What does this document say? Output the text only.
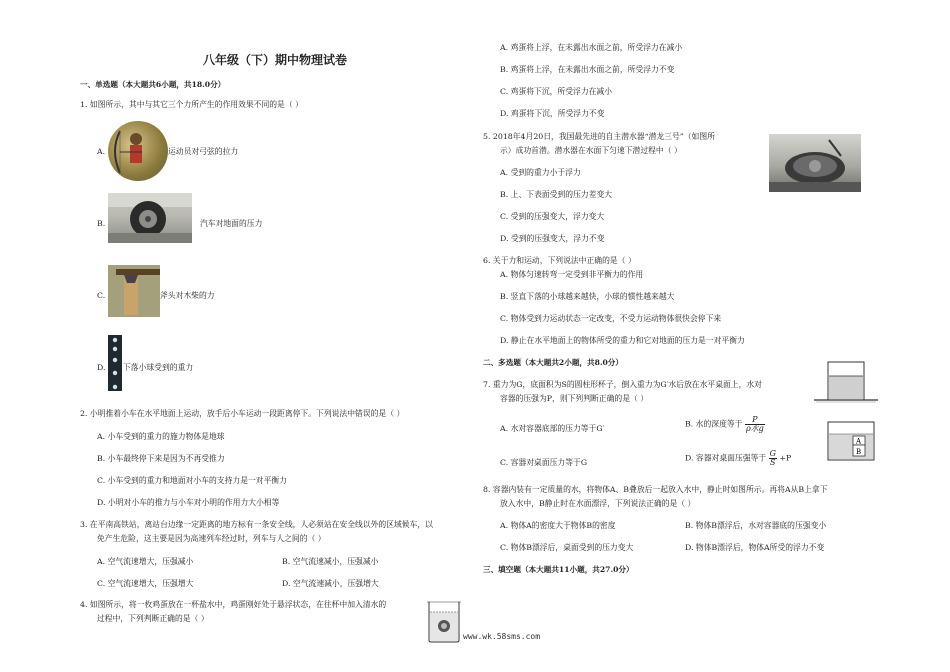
八年级（下）期中物理试卷
一、单选题（本大题共6小题，共18.0分）
1. 如图所示，其中与其它三个力所产生的作用效果不同的是（ ）
A.	运动员对弓弦的拉力
B.	汽车对地面的压力
C.	斧头对木柴的力
D. 下落小球受到的重力
2. 小明推着小车在水平地面上运动，放手后小车运动一段距离停下。下列说法中错误的是（ ）
A. 小车受到的重力的施力物体是地球
B. 小车最终停下来是因为不再受推力
C. 小车受到的重力和地面对小车的支持力是一对平衡力
D. 小明对小车的推力与小车对小明的作用力大小相等
3. 在平南高铁站，离站台边缘一定距离的地方标有一条安全线，人必须站在安全线以外的区域候车，以
免产生危险，这主要是因为高速列车经过时，列车与人之间的（ ）
A. 空气流速增大，压强减小	B. 空气流速减小，压强减小
C. 空气流速增大，压强增大	D. 空气流速减小，压强增大
4. 如图所示，将一枚鸡蛋放在一杯盐水中，鸡蛋刚好处于悬浮状态，在往杯中加入清水的
过程中，下列判断正确的是（ ）
www.wk.58sms.com
A. 鸡蛋将上浮，在未露出水面之前，所受浮力在减小
B. 鸡蛋将上浮，在未露出水面之前，所受浮力不变
C. 鸡蛋将下沉，所受浮力在减小
D. 鸡蛋将下沉，所受浮力不变
5. 2018年4月20日，我国最先进的自主潜水器“潜龙三号”（如图所
示）成功首潜。潜水器在水面下匀速下潜过程中（ ）
A. 受到的重力小于浮力
B. 上、下表面受到的压力差变大
C. 受到的压强变大，浮力变大
D. 受到的压强变大，浮力不变
6. 关于力和运动，下列说法中正确的是（ ）
A. 物体匀速转弯一定受到非平衡力的作用
B. 竖直下落的小球越来越快，小球的惯性越来越大
C. 物体受到力运动状态一定改变，不受力运动物体很快会停下来
D. 静止在水平地面上的物体所受的重力和它对地面的压力是一对平衡力
二、多选题（本大题共2小题，共8.0分）
7. 重力为G，底面积为S的圆柱形杯子，倒入重力为G′水后放在水平桌面上，水对
容器的压强为P，则下列判断正确的是（ ）
A. 水对容器底部的压力等于G′	B. 水的深度等于 $\frac{P}{\text{ρ水g}}$
A
B
C. 容器对桌面压力等于G	D. 容器对桌面压强等于 $\frac{G}{S} +P$
8. 容器内装有一定质量的水，将物体A、B叠放后一起放入水中，静止时如图所示。再将A从B上拿下
放入水中，B静止时在水面漂浮，下列说法正确的是（ ）
A. 物体A的密度大于物体B的密度	B. 物体B漂浮后，水对容器底的压强变小
C. 物体B漂浮后，桌面受到的压力变大	D. 物体B漂浮后，物体A所受的浮力不变
三、填空题（本大题共11小题，共27.0分）
